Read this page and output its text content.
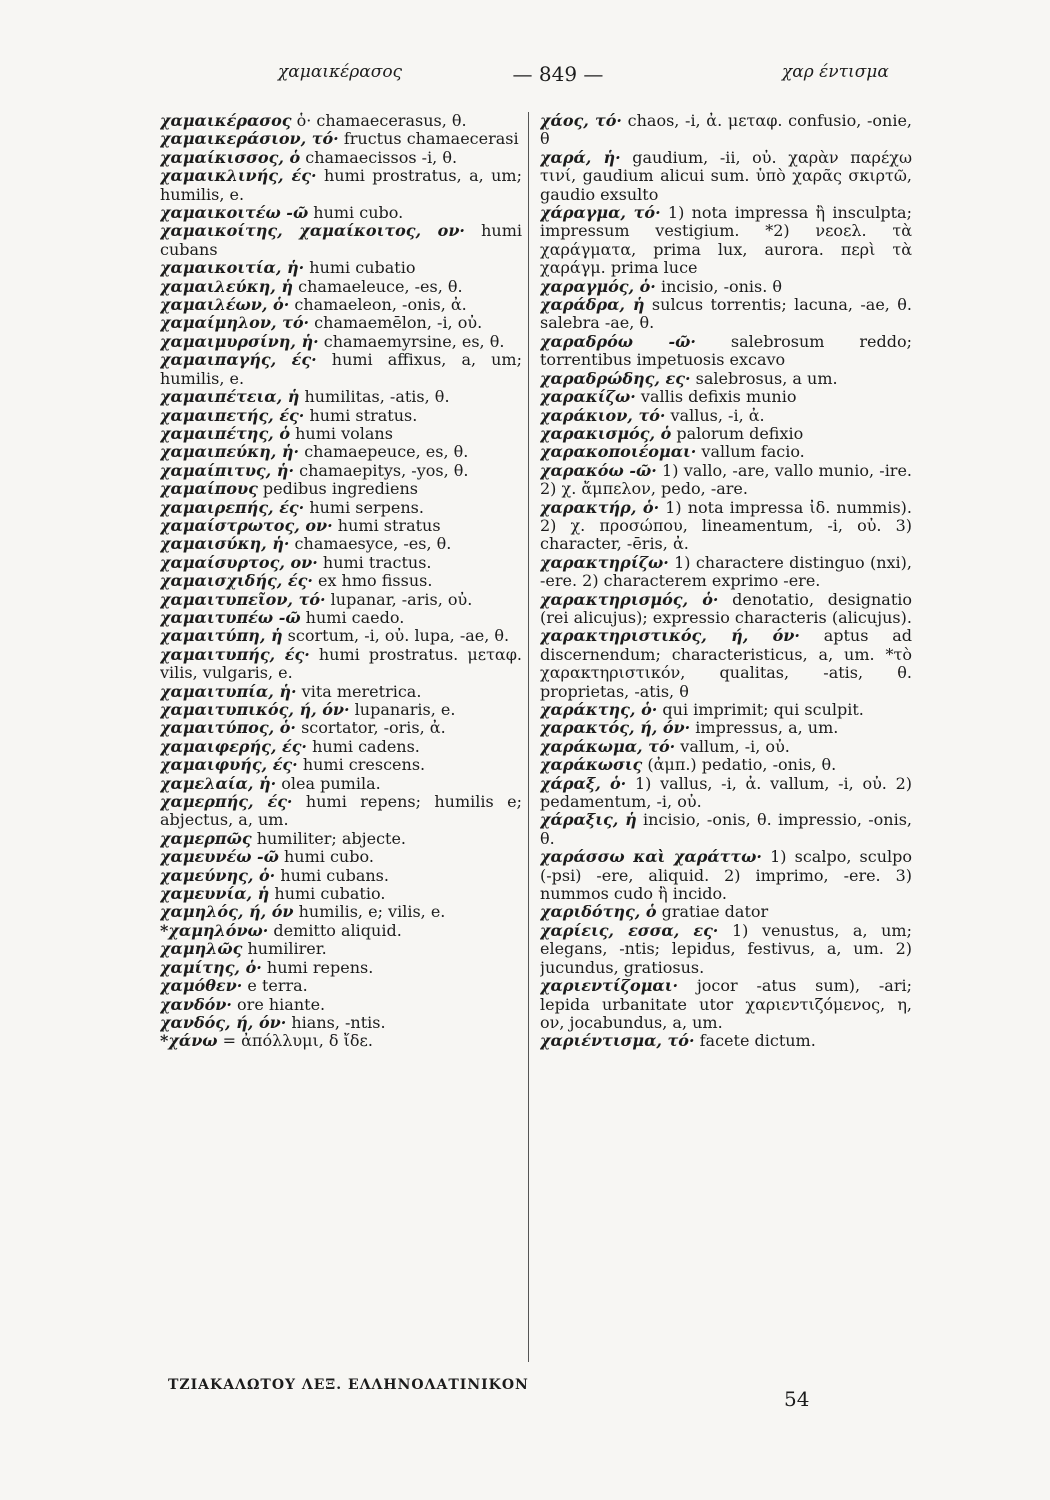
χαμαικέρασος	— 849 —	χαρ έντισμα

χαμαικέρασος ὁ· chamaecerasus, θ.

χαμαικεράσιον, τό· fructus chamaecerasi

χαμαίκισσος, ὁ chamaecissos -i, θ.

χαμαικλινής, ές· humi prostratus, a, um; humilis, e.

χαμαικοιτέω -ῶ humi cubo.

χαμαικοίτης, χαμαίκοιτος, ον· humi cubans

χαμαικοιτία, ἡ· humi cubatio

χαμαιλεύκη, ἡ chamaeleuce, -es, θ.

χαμαιλέων, ὁ· chamaeleon, -onis, ἀ.

χαμαίμηλον, τό· chamaemēlon, -i, οὐ.

χαμαιμυρσίνη, ἡ· chamaemyrsine, es, θ.

χαμαιπαγής, ές· humi affixus, a, um; humilis, e.

χαμαιπέτεια, ἡ humilitas, -atis, θ.

χαμαιπετής, ές· humi stratus.

χαμαιπέτης, ὁ humi volans

χαμαιπεύκη, ἡ· chamaepeuce, es, θ.

χαμαίπιτυς, ἡ· chamaepitys, -yos, θ.

χαμαίπους pedibus ingrediens

χαμαιρεπής, ές· humi serpens.

χαμαίστρωτος, ον· humi stratus

χαμαισύκη, ἡ· chamaesyce, -es, θ.

χαμαίσυρτος, ον· humi tractus.

χαμαισχιδής, ές· ex hmo fissus.

χαμαιτυπεῖον, τό· lupanar, -aris, οὐ.

χαμαιτυπέω -ῶ humi caedo.

χαμαιτύπη, ἡ scortum, -i, οὐ. lupa, -ae, θ.

χαμαιτυπής, ές· humi prostratus. μεταφ. vilis, vulgaris, e.

χαμαιτυπία, ἡ· vita meretrica.

χαμαιτυπικός, ή, όν· lupanaris, e.

χαμαιτύπος, ὁ· scortator, -oris, ἀ.

χαμαιφερής, ές· humi cadens.

χαμαιφυής, ές· humi crescens.

χαμελαία, ἡ· olea pumila.

χαμερπής, ές· humi repens; humilis e; abjectus, a, um.

χαμερπῶς humiliter; abjecte.

χαμευνέω -ῶ humi cubo.

χαμεύνης, ὁ· humi cubans.

χαμευνία, ἡ humi cubatio.

χαμηλός, ή, όν humilis, e; vilis, e.

*χαμηλόνω· demitto aliquid.

χαμηλῶς humilirer.

χαμίτης, ὁ· humi repens.

χαμόθεν· e terra.

χανδόν· ore hiante.

χανδός, ή, όν· hians, -ntis.

*χάνω = ἀπόλλυμι, δ ἴδε.

χάος, τό· chaos, -i, ἀ. μεταφ. confusio, -onie, θ

χαρά, ἡ· gaudium, -ii, οὐ. χαρὰν παρέχω τινί, gaudium alicui sum. ὑπὸ χαρᾶς σκιρτῶ, gaudio exsulto

χάραγμα, τό· 1) nota impressa ἢ insculpta; impressum vestigium. *2) νεοελ. τὰ χαράγματα, prima lux, aurora. περὶ τὰ χαράγμ. prima luce

χαραγμός, ὁ· incisio, -onis. θ

χαράδρα, ἡ sulcus torrentis; lacuna, -ae, θ. salebra -ae, θ.

χαραδρόω -ῶ· salebrosum reddo; torrentibus impetuosis excavo

χαραδρώδης, ες· salebrosus, a um.

χαρακίζω· vallis defixis munio

χαράκιον, τό· vallus, -i, ἀ.

χαρακισμός, ὁ palorum defixio

χαρακοποιέομαι· vallum facio.

χαρακόω -ῶ· 1) vallo, -are, vallo munio, -ire. 2) χ. ἄμπελον, pedo, -are.

χαρακτήρ, ὁ· 1) nota impressa ἰδ. nummis). 2) χ. προσώπου, lineamentum, -i, οὐ. 3) character, -ēris, ἀ.

χαρακτηρίζω· 1) charactere distinguo (nxi), -ere. 2) characterem exprimo -ere.

χαρακτηρισμός, ὁ· denotatio, designatio (rei alicujus); expressio characteris (alicujus).

χαρακτηριστικός, ή, όν· aptus ad discernendum; characteristicus, a, um. *τὸ χαρακτηριστικόν, qualitas, -atis, θ. proprietas, -atis, θ

χαράκτης, ὁ· qui imprimit; qui sculpit.

χαρακτός, ή, όν· impressus, a, um.

χαράκωμα, τό· vallum, -i, οὐ.

χαράκωσις (ἀμπ.) pedatio, -onis, θ.

χάραξ, ὁ· 1) vallus, -i, ἀ. vallum, -i, οὐ. 2) pedamentum, -i, οὐ.

χάραξις, ἡ incisio, -onis, θ. impressio, -onis, θ.

χαράσσω καὶ χαράττω· 1) scalpo, sculpo (-psi) -ere, aliquid. 2) imprimo, -ere. 3) nummos cudo ἢ incido.

χαριδότης, ὁ gratiae dator

χαρίεις, εσσα, ες· 1) venustus, a, um; elegans, -ntis; lepidus, festivus, a, um. 2) jucundus, gratiosus.

χαριεντίζομαι· jocor -atus sum), -ari; lepida urbanitate utor χαριεντιζόμενος, η, ον, jocabundus, a, um.

χαριέντισμα, τό· facete dictum.

ΤΖΙΑΚΑΛΩΤΟΥ ΛΕΞ. ΕΛΛΗΝΟΛΑΤΙΝΙΚΟΝ
54
